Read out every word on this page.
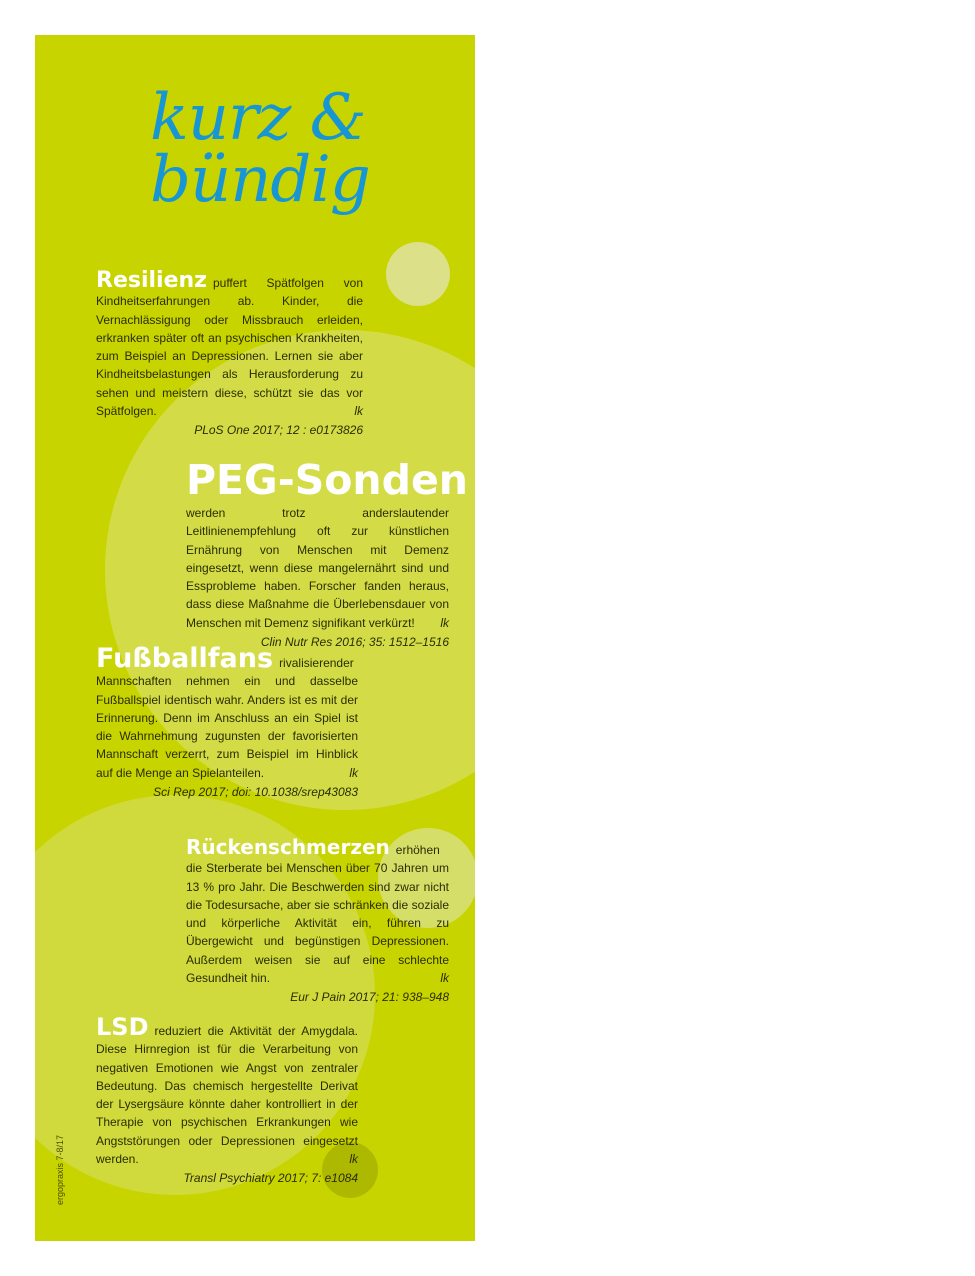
kurz &
bündig
Resilienz puffert Spätfolgen von Kindheitserfahrungen ab. Kinder, die Vernachlässigung oder Missbrauch erleiden, erkranken später oft an psychischen Krankheiten, zum Beispiel an Depressionen. Lernen sie aber Kindheitsbelastungen als Herausforderung zu sehen und meistern diese, schützt sie das vor Spätfolgen.	lk
PLoS One 2017; 12 : e0173826
PEG-Sonden
werden trotz anderslautender Leitlinienempfehlung oft zur künstlichen Ernährung von Menschen mit Demenz eingesetzt, wenn diese mangelernährt sind und Essprobleme haben. Forscher fanden heraus, dass diese Maßnahme die Überlebensdauer von Menschen mit Demenz signifikant verkürzt! lk
Clin Nutr Res 2016; 35: 1512–1516
Fußballfans rivalisierender Mannschaften nehmen ein und dasselbe Fußballspiel identisch wahr. Anders ist es mit der Erinnerung. Denn im Anschluss an ein Spiel ist die Wahrnehmung zugunsten der favorisierten Mannschaft verzerrt, zum Beispiel im Hinblick auf die Menge an Spielanteilen.	lk
Sci Rep 2017; doi: 10.1038/srep43083
Rückenschmerzen erhöhen die Sterberate bei Menschen über 70 Jahren um 13 % pro Jahr. Die Beschwerden sind zwar nicht die Todesursache, aber sie schränken die soziale und körperliche Aktivität ein, führen zu Übergewicht und begünstigen Depressionen. Außerdem weisen sie auf eine schlechte Gesundheit hin.	lk
Eur J Pain 2017; 21: 938–948
LSD reduziert die Aktivität der Amygdala. Diese Hirnregion ist für die Verarbeitung von negativen Emotionen wie Angst von zentraler Bedeutung. Das chemisch hergestellte Derivat der Lysergsäure könnte daher kontrolliert in der Therapie von psychischen Erkrankungen wie Angststörungen oder Depressionen eingesetzt werden.	lk
Transl Psychiatry 2017; 7: e1084
ergopraxis 7-8/17
